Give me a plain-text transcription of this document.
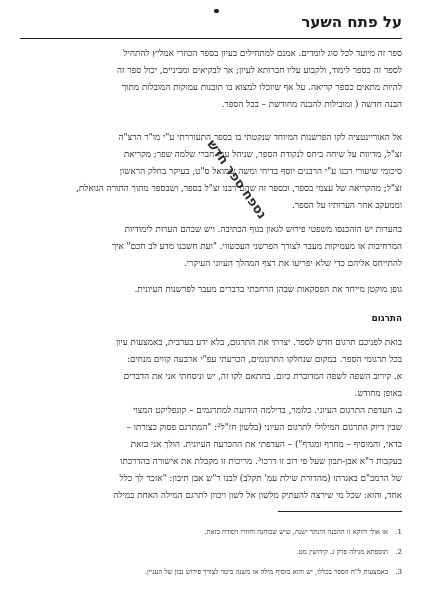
על פתח השער
ספר זה מיועד לכל סוג לומדים. אמנם למתחילים בעיון בספר הכוזרי אמליץ להתחיל
לספר זה כספר לימוד, ולקבוע עליו חברותא לעיון; אך לבקיאים ומביניים, יכול ספר זה
להיות מתאים כספר קריאה. על אף שיוכלו למצוא בו תובנות עמוקות המובלות מתוך
הבנה חדשה ( ומובילות להבנה מחודשת – בכל הספר.
אל האוריינטציה לקו הפרשנות המיוחד שנקטתי בו בספר התעוררתי ע"י מו"ר הרצ"ה
זצ"ל, מדיוות על שיחה ביחס לנקודת הספר, שניהל עמו חברי שלמה שפר; מקריאת
סיכומי שיעורי רבנו ע"י הרבנים יוסף בדיחי ומשה שמואל ס"ט, בעיקר בחלק הראשון
זצ"ל; מהקריאה של עצמי בספר, ובספר זה שהם רבנו זצ"ל בספר, ושבספר מתוך התורה הגואלת,
וממעקב אחר הערותיו על הספר.
בהערות יש הוהכנסו משפטי פירוש לגאון בגוף הכתיבה. ויש שבהם הערות לימודיות
המרחיבות או מעמיקות מעבר לצורך הפרשני העכשווי. "ועת חשבנו מדע לב חכם" איך
להתייחס אליהם כדי שלא יפריעו את רצף המהלך העיוני העיקרי.
גופן מוקטן מייחד את הפסקאות שבהן הרחבתי בדברים מעבר לפרשנות העיונית.
התרגום
בואת לפניכם תרגום חדש לספר. יצרתי את התרגום, בלא ידע בערבית, באמצעות עיון
בכל תרגומי הספר. במקום שנחלקו התרגומים, הכרעתי עפ"י ארבעה קווים מנחים:
א. קירוב השפה לשפה המדוברת כיום. בהתאם לקו זה, יש וניסחתי אני את הדברים
באופן מחודש.
ב. העדפת התרגום העיוני. כלומר, בדילמה הידועה למתרגמים – קונפליקט המצוי
שבין דיוק התרגום המילולי לתרגום העיוני (בלשון חז"ל²: "המתרגם פסוק כצורתו –
בדאי, והמוסיף – מחרף ומגדף") – העדפתי את ההכרעה העיונית. הולך אני בזאת
בעקבות ר"א אבן-תבון שעל פי רוב זו דרכו³. מריכות זו מקבלת את אישורה בהדרכתו
של הרמב"ם באגרתו (מהדורת שילת עמ' תקלב) לבנו ר"ש אבן תיבון: "אזכר לך כלל
אחד, והוא: שכל מי שירצה להעתיק מלשון אל לשון ויכוון לתרגם המילה האחת במילה
1.
או אולי דווקא זו ההבנה הינתר ישנה, שיש שכוחנה וחוזרו ויסודה בזאת.
2.
תוספתא מגילה פרק ג. קידושין מט.
3.
באמצעות ל"ח הספר בכללו, יש והוא מוסיף מילה או משנה ביטוי לצורך פירוש נכון של העניין.
נספח ספר חדש
